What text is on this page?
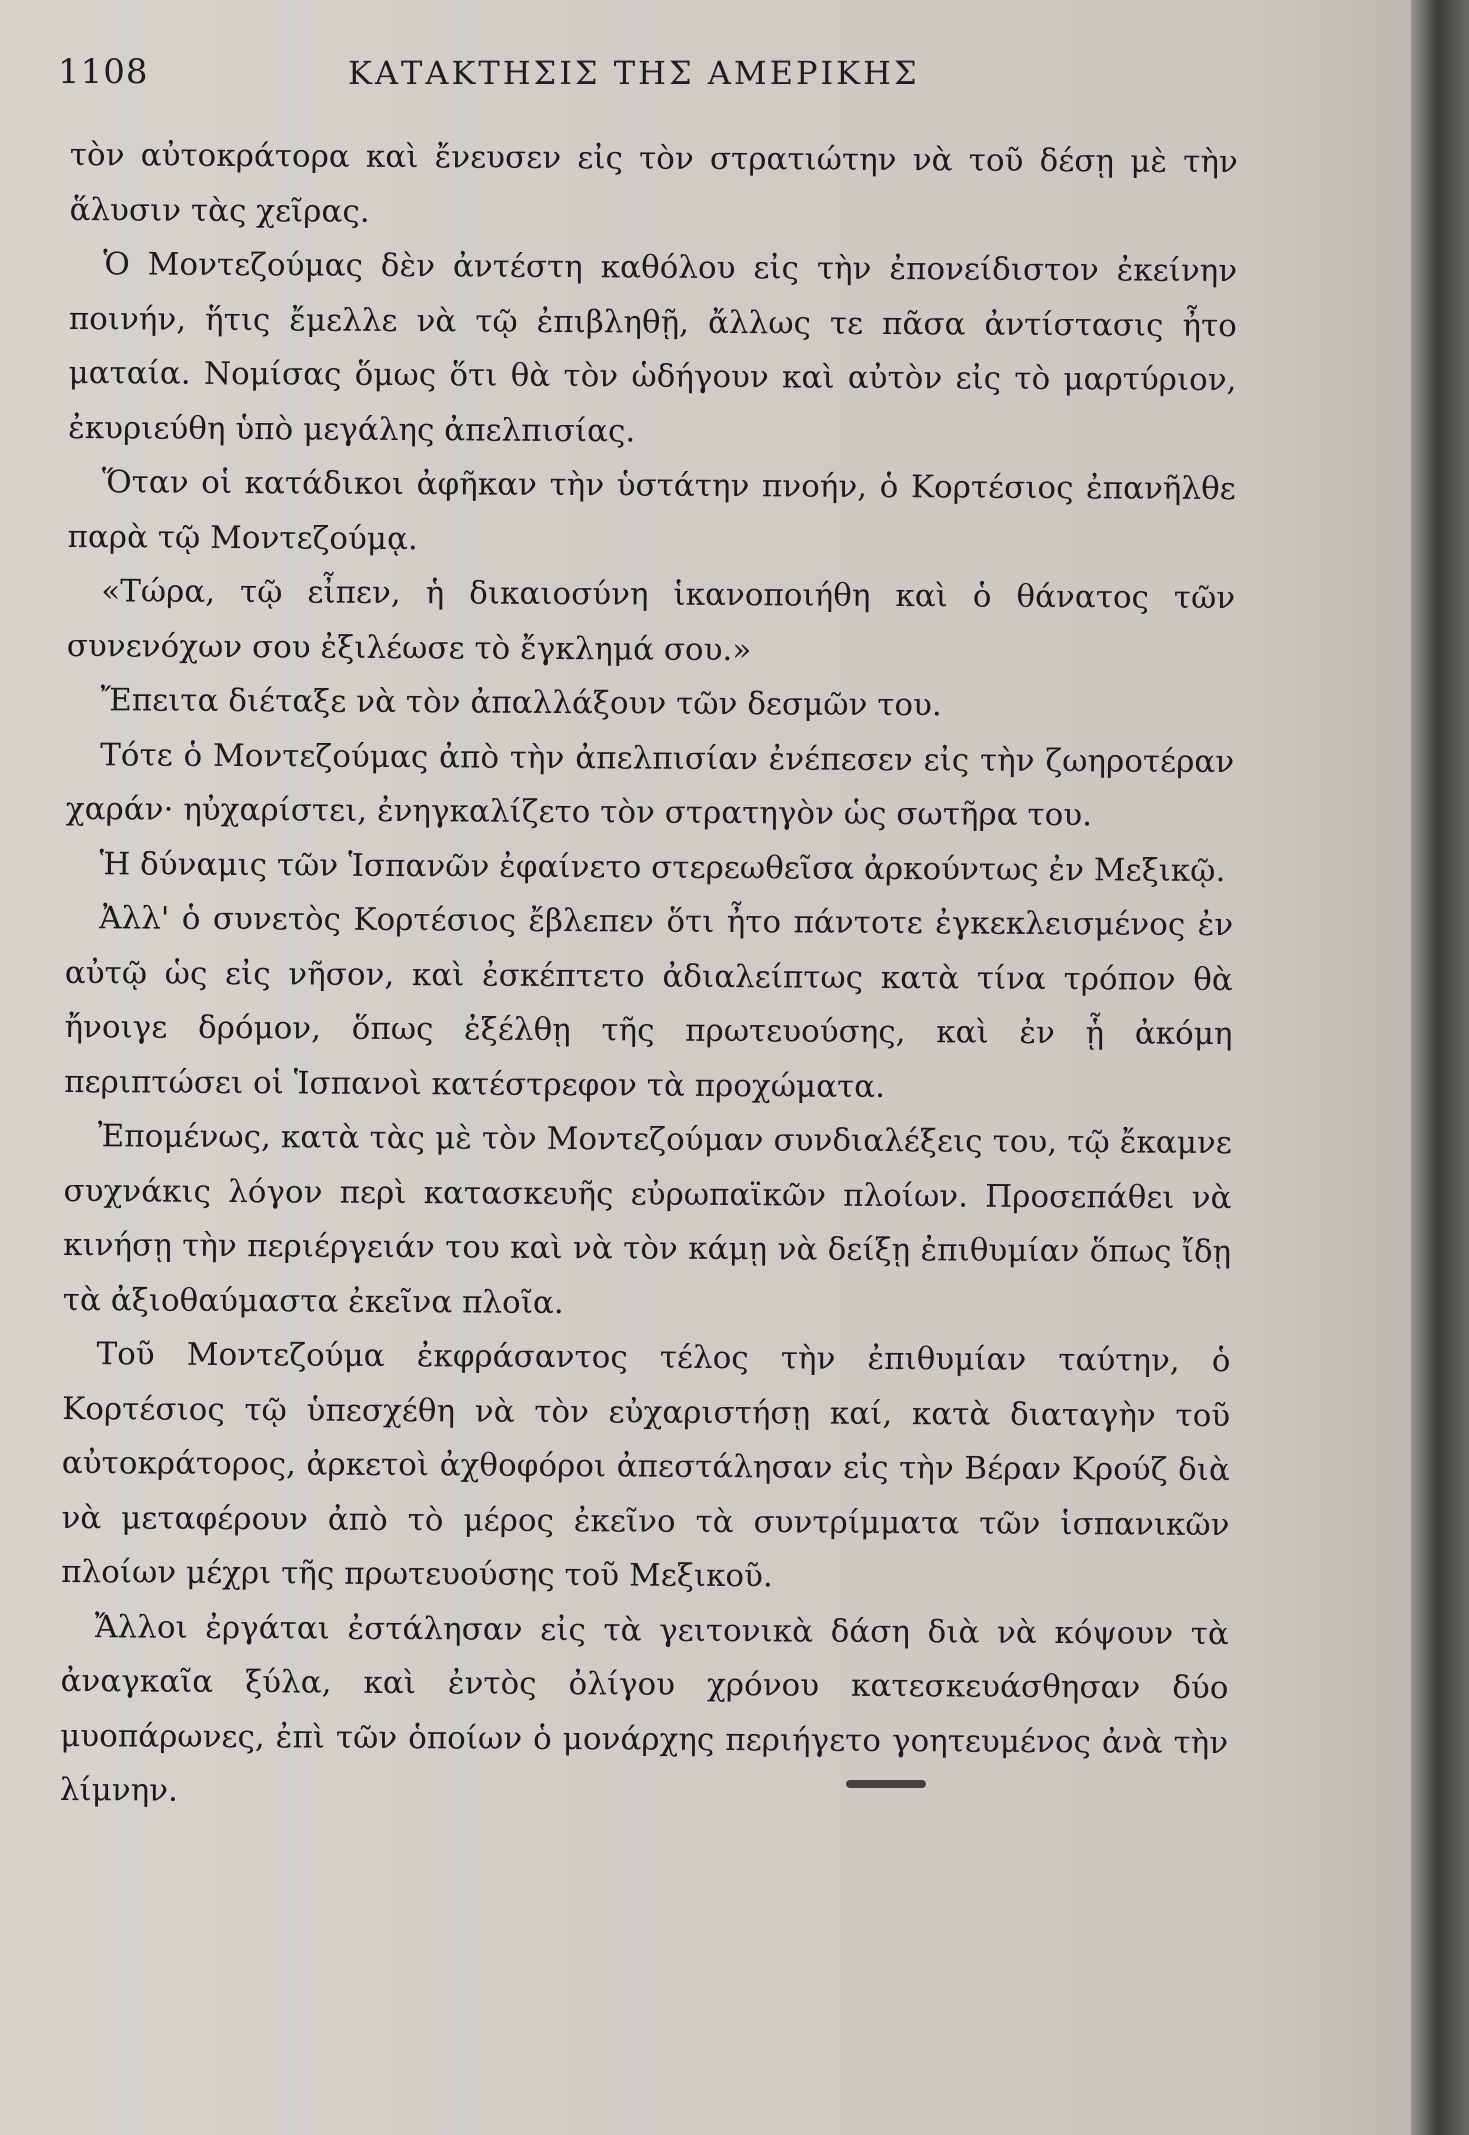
1108	ΚΑΤΑΚΤΗΣΙΣ ΤΗΣ ΑΜΕΡΙΚΗΣ

τὸν αὐτοκράτορα καὶ ἔνευσεν εἰς τὸν στρατιώτην νὰ τοῦ δέσῃ μὲ τὴν ἅλυσιν τὰς χεῖρας.

Ὁ Μοντεζούμας δὲν ἀντέστη καθόλου εἰς τὴν ἐπονείδιστον ἐκείνην ποινήν, ἥτις ἔμελλε νὰ τῷ ἐπιβληθῇ, ἄλλως τε πᾶσα ἀντίστασις ἦτο ματαία. Νομίσας ὅμως ὅτι θὰ τὸν ὡδήγουν καὶ αὐτὸν εἰς τὸ μαρτύριον, ἐκυριεύθη ὑπὸ μεγάλης ἀπελπισίας.

Ὅταν οἱ κατάδικοι ἀφῆκαν τὴν ὑστάτην πνοήν, ὁ Κορτέσιος ἐπανῆλθε παρὰ τῷ Μοντεζούμᾳ.

«Τώρα, τῷ εἶπεν, ἡ δικαιοσύνη ἱκανοποιήθη καὶ ὁ θάνατος τῶν συνενόχων σου ἐξιλέωσε τὸ ἔγκλημά σου.»

Ἔπειτα διέταξε νὰ τὸν ἀπαλλάξουν τῶν δεσμῶν του.

Τότε ὁ Μοντεζούμας ἀπὸ τὴν ἀπελπισίαν ἐνέπεσεν εἰς τὴν ζωηροτέραν χαράν· ηὐχαρίστει, ἐνηγκαλίζετο τὸν στρατηγὸν ὡς σωτῆρα του.

Ἡ δύναμις τῶν Ἱσπανῶν ἐφαίνετο στερεωθεῖσα ἀρκούντως ἐν Μεξικῷ.

Ἀλλ' ὁ συνετὸς Κορτέσιος ἔβλεπεν ὅτι ἦτο πάντοτε ἐγκεκλεισμένος ἐν αὐτῷ ὡς εἰς νῆσον, καὶ ἐσκέπτετο ἀδιαλείπτως κατὰ τίνα τρόπον θὰ ἤνοιγε δρόμον, ὅπως ἐξέλθῃ τῆς πρωτευούσης, καὶ ἐν ᾗ ἀκόμη περιπτώσει οἱ Ἱσπανοὶ κατέστρεφον τὰ προχώματα.

Ἐπομένως, κατὰ τὰς μὲ τὸν Μοντεζούμαν συνδιαλέξεις του, τῷ ἔκαμνε συχνάκις λόγον περὶ κατασκευῆς εὐρωπαϊκῶν πλοίων. Προσεπάθει νὰ κινήσῃ τὴν περιέργειάν του καὶ νὰ τὸν κάμῃ νὰ δείξῃ ἐπιθυμίαν ὅπως ἴδῃ τὰ ἀξιοθαύμαστα ἐκεῖνα πλοῖα.

Τοῦ Μοντεζούμα ἐκφράσαντος τέλος τὴν ἐπιθυμίαν ταύτην, ὁ Κορτέσιος τῷ ὑπεσχέθη νὰ τὸν εὐχαριστήσῃ καί, κατὰ διαταγὴν τοῦ αὐτοκράτορος, ἀρκετοὶ ἀχθοφόροι ἀπεστάλησαν εἰς τὴν Βέραν Κρούζ διὰ νὰ μεταφέρουν ἀπὸ τὸ μέρος ἐκεῖνο τὰ συντρίμματα τῶν ἱσπανικῶν πλοίων μέχρι τῆς πρωτευούσης τοῦ Μεξικοῦ.

Ἄλλοι ἐργάται ἐστάλησαν εἰς τὰ γειτονικὰ δάση διὰ νὰ κόψουν τὰ ἀναγκαῖα ξύλα, καὶ ἐντὸς ὀλίγου χρόνου κατεσκευάσθησαν δύο μυοπάρωνες, ἐπὶ τῶν ὁποίων ὁ μονάρχης περιήγετο γοητευμένος ἀνὰ τὴν λίμνην.
